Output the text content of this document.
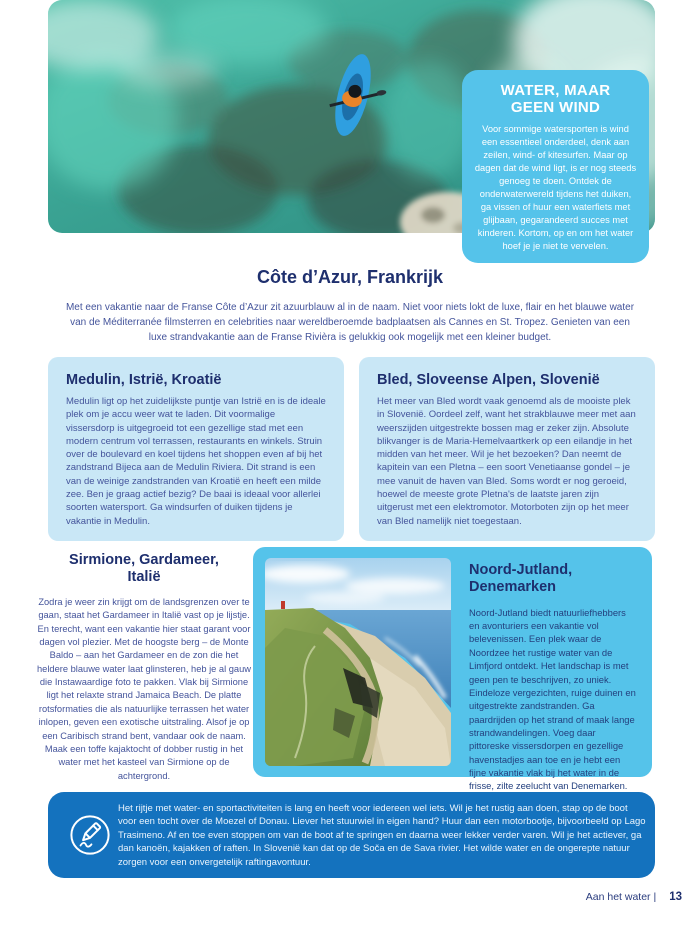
WATER, MAAR
GEEN WIND
Voor sommige watersporten is wind een essentieel onderdeel, denk aan zeilen, wind- of kitesurfen. Maar op dagen dat de wind ligt, is er nog steeds genoeg te doen. Ontdek de onderwaterwereld tijdens het duiken, ga vissen of huur een waterfiets met glijbaan, gegarandeerd succes met kinderen. Kortom, op en om het water hoef je je niet te vervelen.
Côte d’Azur, Frankrijk

Met een vakantie naar de Franse Côte d’Azur zit azuurblauw al in de naam. Niet voor niets lokt de luxe, flair en het blauwe water van de Méditerranée filmsterren en celebrities naar wereldberoemde badplaatsen als Cannes en St. Tropez. Genieten van een luxe strandvakantie aan de Franse Rivièra is gelukkig ook mogelijk met een kleiner budget.

Medulin, Istrië, Kroatië
Medulin ligt op het zuidelijkste puntje van Istrië en is de ideale plek om je accu weer wat te laden. Dit voormalige vissersdorp is uitgegroeid tot een gezellige stad met een modern centrum vol terrassen, restaurants en winkels. Struin over de boulevard en koel tijdens het shoppen even af bij het zandstrand Bijeca aan de Medulin Riviera. Dit strand is een van de weinige zandstranden van Kroatië en heeft een milde zee. Ben je graag actief bezig? De baai is ideaal voor allerlei soorten watersport. Ga windsurfen of duiken tijdens je vakantie in Medulin.
Bled, Sloveense Alpen, Slovenië
Het meer van Bled wordt vaak genoemd als de mooiste plek in Slovenië. Oordeel zelf, want het strakblauwe meer met aan weerszijden uitgestrekte bossen mag er zeker zijn. Absolute blikvanger is de Maria-Hemelvaartkerk op een eilandje in het midden van het meer. Wil je het bezoeken? Dan neemt de kapitein van een Pletna – een soort Venetiaanse gondel – je mee vanuit de haven van Bled. Soms wordt er nog geroeid, hoewel de meeste grote Pletna's de laatste jaren zijn uitgerust met een elektromotor. Motorboten zijn op het meer van Bled namelijk niet toegestaan.
Sirmione, Gardameer,
Italië
Zodra je weer zin krijgt om de landsgrenzen over te gaan, staat het Gardameer in Italië vast op je lijstje. En terecht, want een vakantie hier staat garant voor dagen vol plezier. Met de hoogste berg – de Monte Baldo – aan het Gardameer en de zon die het heldere blauwe water laat glinsteren, heb je al gauw die Instawaardige foto te pakken. Vlak bij Sirmione ligt het relaxte strand Jamaica Beach. De platte rotsformaties die als natuurlijke terrassen het water inlopen, geven een exotische uitstraling. Alsof je op een Caribisch strand bent, vandaar ook de naam. Maak een toffe kajaktocht of dobber rustig in het water met het kasteel van Sirmione op de achtergrond.
Noord-Jutland,
Denemarken
Noord-Jutland biedt natuurliefhebbers en avonturiers een vakantie vol belevenissen. Een plek waar de Noordzee het rustige water van de Limfjord ontdekt. Het landschap is met geen pen te beschrijven, zo uniek. Eindeloze vergezichten, ruige duinen en uitgestrekte zandstranden. Ga paardrijden op het strand of maak lange strandwandelingen. Voeg daar pittoreske vissersdorpen en gezellige havenstadjes aan toe en je hebt een fijne vakantie vlak bij het water in de frisse, zilte zeelucht van Denemarken.
Het rijtje met water- en sportactiviteiten is lang en heeft voor iedereen wel iets. Wil je het rustig aan doen, stap op de boot voor een tocht over de Moezel of Donau. Liever het stuurwiel in eigen hand? Huur dan een motorbootje, bijvoorbeeld op Lago Trasimeno. Af en toe even stoppen om van de boot af te springen en daarna weer lekker verder varen. Wil je het actiever, ga dan kanoën, kajakken of raften. In Slovenië kan dat op de Soča en de Sava rivier. Het wilde water en de ongerepte natuur zorgen voor een onvergetelijk raftingavontuur.
Aan het water | 13
